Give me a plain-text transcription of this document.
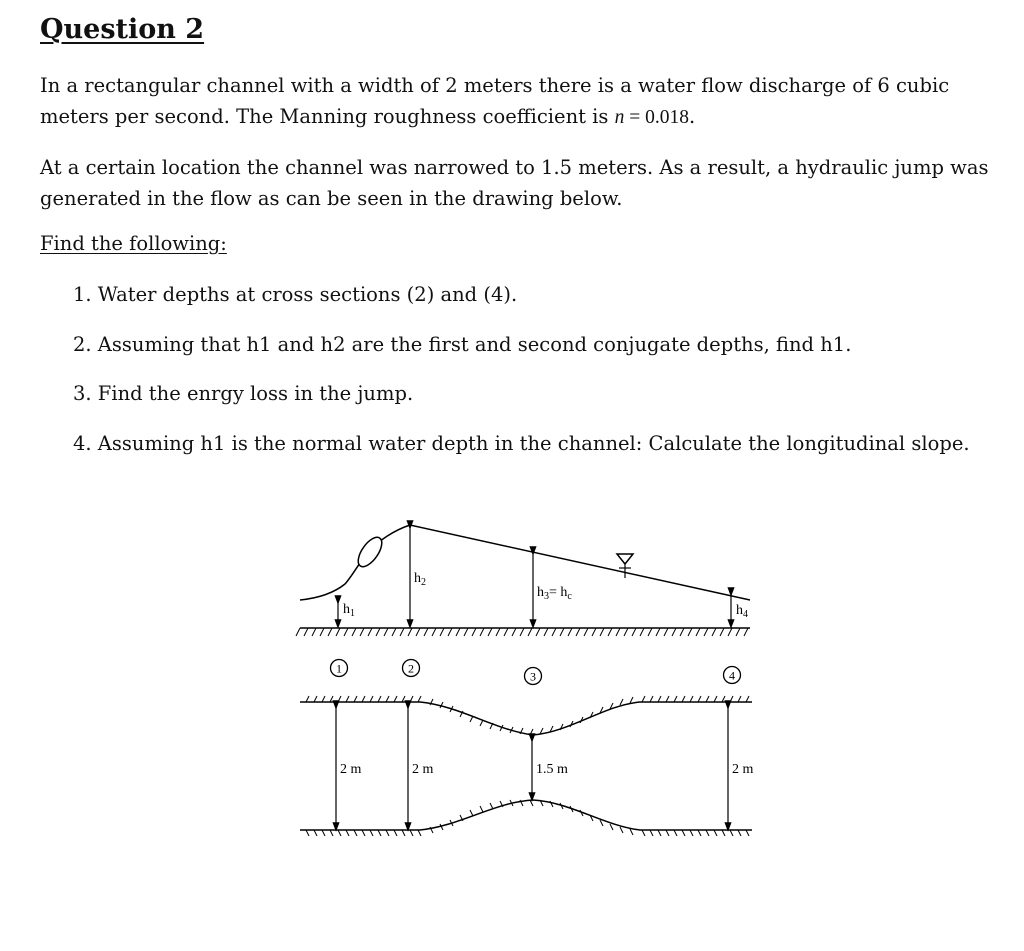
Question 2

In a rectangular channel with a width of 2 meters there is a water flow discharge of 6 cubic
meters per second. The Manning roughness coefficient is n = 0.018.

At a certain location the channel was narrowed to 1.5 meters. As a result, a hydraulic jump was
generated in the flow as can be seen in the drawing below.

Find the following:

1. Water depths at cross sections (2) and (4).

2. Assuming that h1 and h2 are the first and second conjugate depths, find h1.

3. Find the enrgy loss in the jump.

4. Assuming h1 is the normal water depth in the channel: Calculate the longitudinal slope.

$h_1$
$h_2$
$h_3= h_c$
$h_4$
1	2
3	4
2 m	2 m	1.5 m	2 m
